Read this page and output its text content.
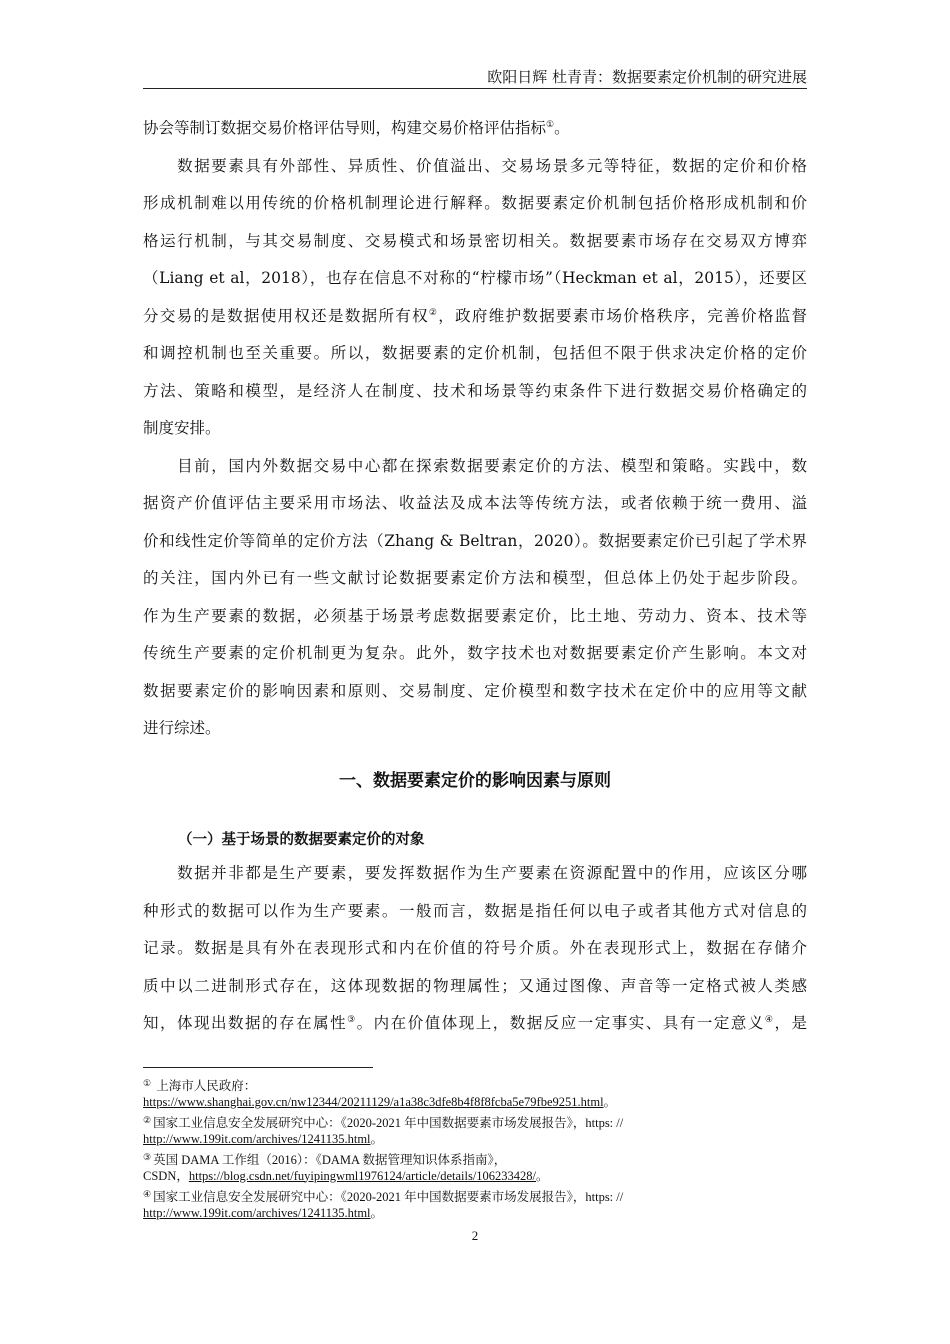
欧阳日辉 杜青青：数据要素定价机制的研究进展
协会等制订数据交易价格评估导则，构建交易价格评估指标①。
　　数据要素具有外部性、异质性、价值溢出、交易场景多元等特征，数据的定价和价格
形成机制难以用传统的价格机制理论进行解释。数据要素定价机制包括价格形成机制和价
格运行机制，与其交易制度、交易模式和场景密切相关。数据要素市场存在交易双方博弈
（Liang et al，2018），也存在信息不对称的“柠檬市场”（Heckman et al，2015），还要区
分交易的是数据使用权还是数据所有权②，政府维护数据要素市场价格秩序，完善价格监督
和调控机制也至关重要。所以，数据要素的定价机制，包括但不限于供求决定价格的定价
方法、策略和模型，是经济人在制度、技术和场景等约束条件下进行数据交易价格确定的
制度安排。
　　目前，国内外数据交易中心都在探索数据要素定价的方法、模型和策略。实践中，数
据资产价值评估主要采用市场法、收益法及成本法等传统方法，或者依赖于统一费用、溢
价和线性定价等简单的定价方法（Zhang & Beltran，2020）。数据要素定价已引起了学术界
的关注，国内外已有一些文献讨论数据要素定价方法和模型，但总体上仍处于起步阶段。
作为生产要素的数据，必须基于场景考虑数据要素定价，比土地、劳动力、资本、技术等
传统生产要素的定价机制更为复杂。此外，数字技术也对数据要素定价产生影响。本文对
数据要素定价的影响因素和原则、交易制度、定价模型和数字技术在定价中的应用等文献
进行综述。
一、数据要素定价的影响因素与原则
（一）基于场景的数据要素定价的对象
　　数据并非都是生产要素，要发挥数据作为生产要素在资源配置中的作用，应该区分哪
种形式的数据可以作为生产要素。一般而言，数据是指任何以电子或者其他方式对信息的
记录。数据是具有外在表现形式和内在价值的符号介质。外在表现形式上，数据在存储介
质中以二进制形式存在，这体现数据的物理属性；又通过图像、声音等一定格式被人类感
知，体现出数据的存在属性③。内在价值体现上，数据反应一定事实、具有一定意义④，是
① 上海市人民政府：
https://www.shanghai.gov.cn/nw12344/20211129/a1a38c3dfe8b4f8f8fcba5e79fbe9251.html。
② 国家工业信息安全发展研究中心：《2020-2021 年中国数据要素市场发展报告》，https: //
http://www.199it.com/archives/1241135.html。
③ 英国 DAMA 工作组（2016）：《DAMA 数据管理知识体系指南》，
CSDN，https://blog.csdn.net/fuyipingwml1976124/article/details/106233428/。
④ 国家工业信息安全发展研究中心：《2020-2021 年中国数据要素市场发展报告》，https: //
http://www.199it.com/archives/1241135.html。
2
